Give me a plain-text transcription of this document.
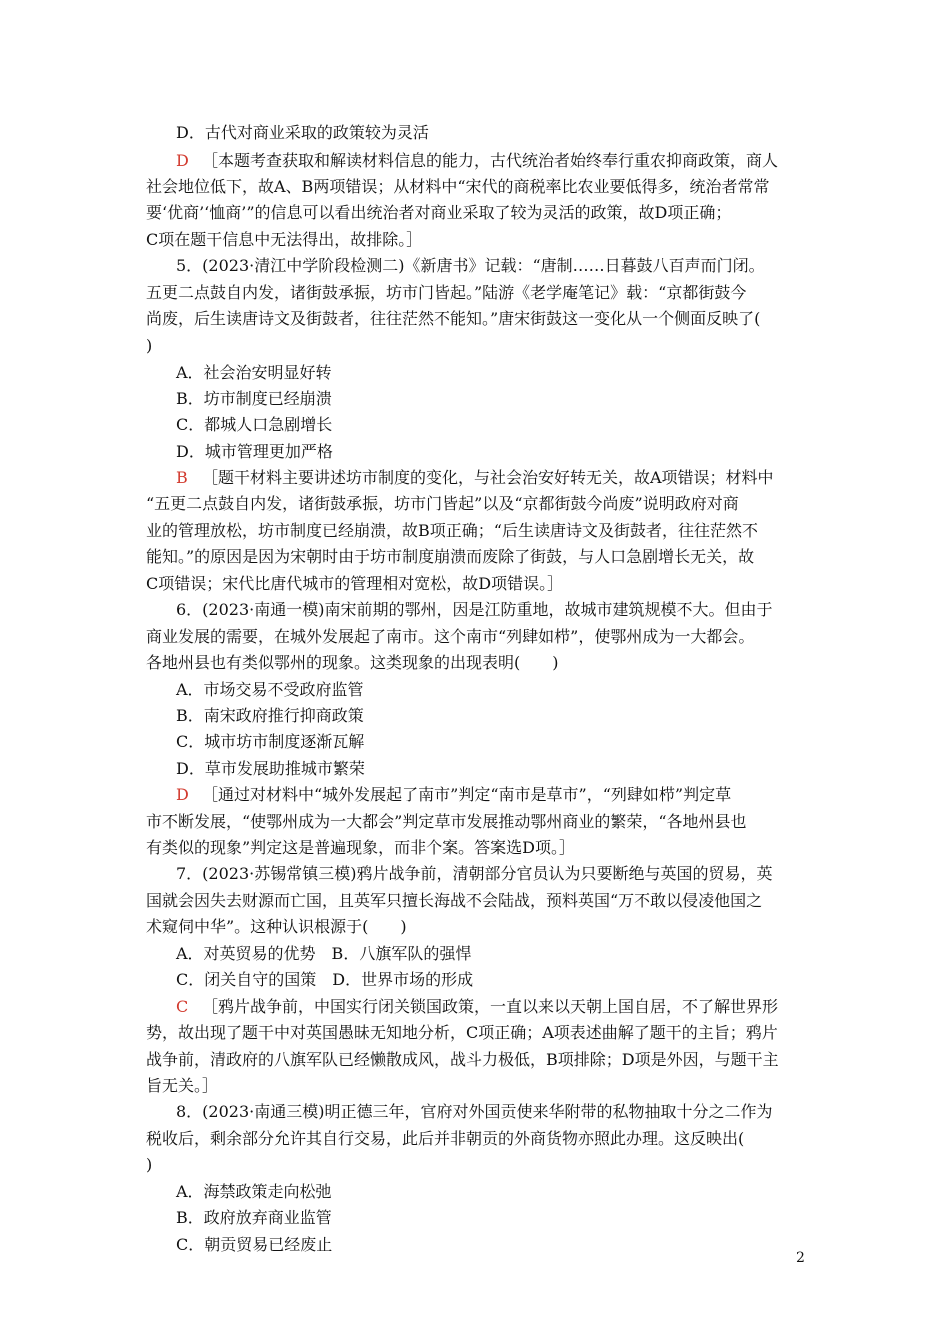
D．古代对商业采取的政策较为灵活
D ［本题考查获取和解读材料信息的能力，古代统治者始终奉行重农抑商政策，商人
社会地位低下，故A、B两项错误；从材料中“宋代的商税率比农业要低得多，统治者常常
要‘优商’‘恤商’”的信息可以看出统治者对商业采取了较为灵活的政策，故D项正确；
C项在题干信息中无法得出，故排除。］
5．(2023·清江中学阶段检测二)《新唐书》记载：“唐制……日暮鼓八百声而门闭。
五更二点鼓自内发，诸街鼓承振，坊市门皆起。”陆游《老学庵笔记》载：“京都街鼓今
尚废，后生读唐诗文及街鼓者，往往茫然不能知。”唐宋街鼓这一变化从一个侧面反映了(
)
A．社会治安明显好转
B．坊市制度已经崩溃
C．都城人口急剧增长
D．城市管理更加严格
B ［题干材料主要讲述坊市制度的变化，与社会治安好转无关，故A项错误；材料中
“五更二点鼓自内发，诸街鼓承振，坊市门皆起”以及“京都街鼓今尚废”说明政府对商
业的管理放松，坊市制度已经崩溃，故B项正确；“后生读唐诗文及街鼓者，往往茫然不
能知。”的原因是因为宋朝时由于坊市制度崩溃而废除了街鼓，与人口急剧增长无关，故
C项错误；宋代比唐代城市的管理相对宽松，故D项错误。］
6．(2023·南通一模)南宋前期的鄂州，因是江防重地，故城市建筑规模不大。但由于
商业发展的需要，在城外发展起了南市。这个南市“列肆如栉”，使鄂州成为一大都会。
各地州县也有类似鄂州的现象。这类现象的出现表明(　　)
A．市场交易不受政府监管
B．南宋政府推行抑商政策
C．城市坊市制度逐渐瓦解
D．草市发展助推城市繁荣
D ［通过对材料中“城外发展起了南市”判定“南市是草市”，“列肆如栉”判定草
市不断发展，“使鄂州成为一大都会”判定草市发展推动鄂州商业的繁荣，“各地州县也
有类似的现象”判定这是普遍现象，而非个案。答案选D项。］
7．(2023·苏锡常镇三模)鸦片战争前，清朝部分官员认为只要断绝与英国的贸易，英
国就会因失去财源而亡国，且英军只擅长海战不会陆战，预料英国“万不敢以侵凌他国之
术窥伺中华”。这种认识根源于(　　)
A．对英贸易的优势　B．八旗军队的强悍
C．闭关自守的国策　D．世界市场的形成
C ［鸦片战争前，中国实行闭关锁国政策，一直以来以天朝上国自居，不了解世界形
势，故出现了题干中对英国愚昧无知地分析，C项正确；A项表述曲解了题干的主旨；鸦片
战争前，清政府的八旗军队已经懒散成风，战斗力极低，B项排除；D项是外因，与题干主
旨无关。］
8．(2023·南通三模)明正德三年，官府对外国贡使来华附带的私物抽取十分之二作为
税收后，剩余部分允许其自行交易，此后并非朝贡的外商货物亦照此办理。这反映出(
)
A．海禁政策走向松弛
B．政府放弃商业监管
C．朝贡贸易已经废止
2
